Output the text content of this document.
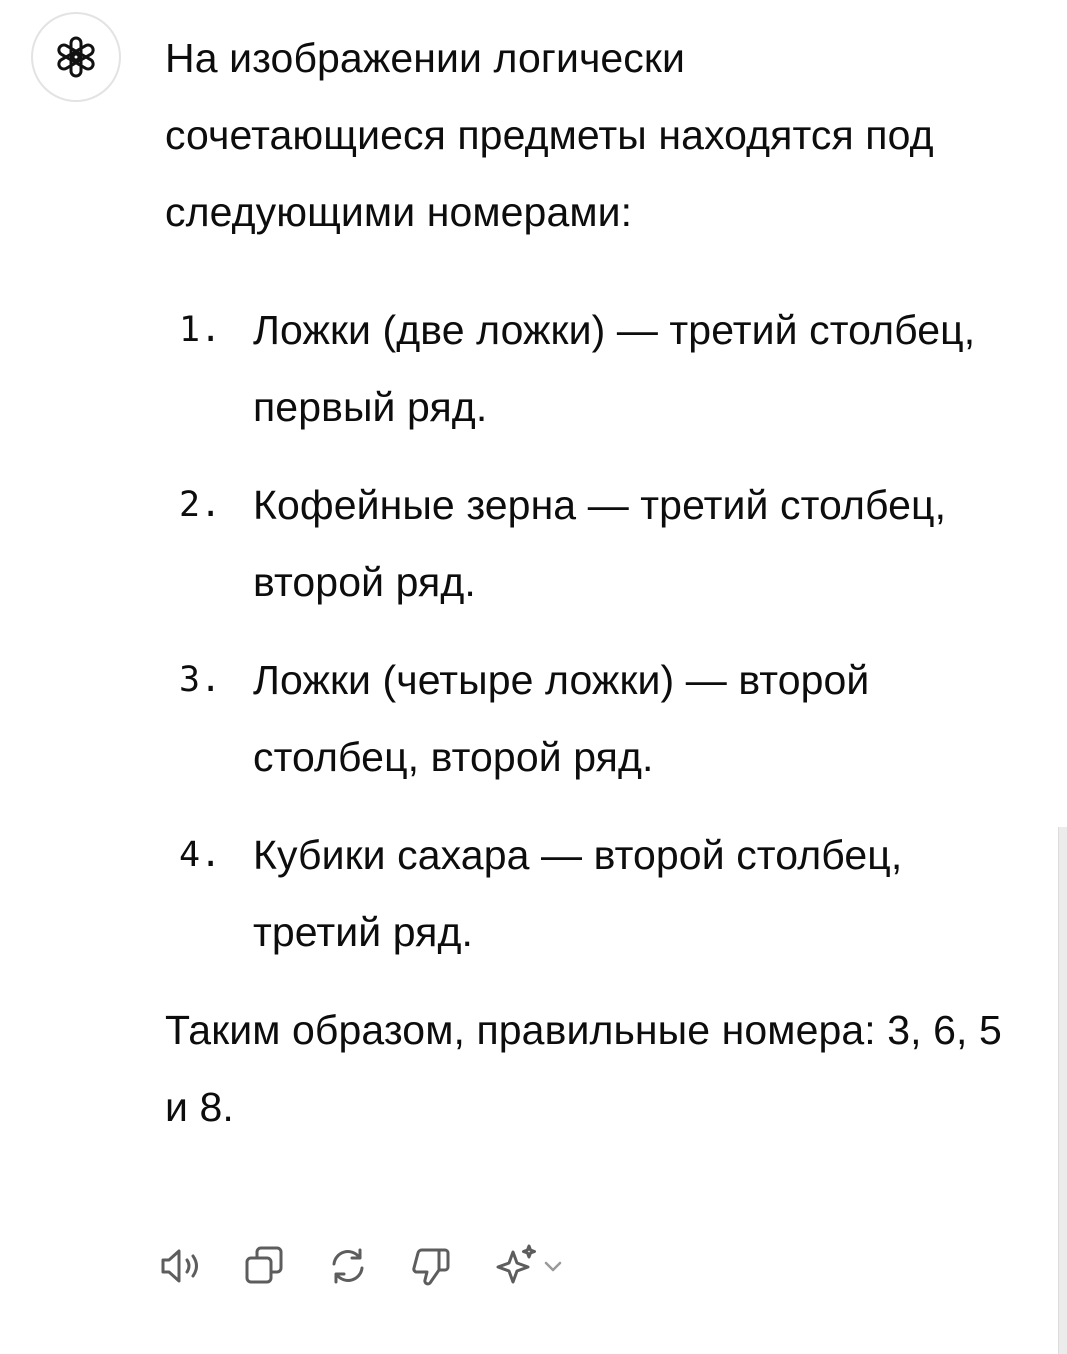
На изображении логически сочетающиеся предметы находятся под следующими номерами:

1. Ложки (две ложки) — третий столбец, первый ряд.
2. Кофейные зерна — третий столбец, второй ряд.
3. Ложки (четыре ложки) — второй столбец, второй ряд.
4. Кубики сахара — второй столбец, третий ряд.

Таким образом, правильные номера: 3, 6, 5 и 8.
